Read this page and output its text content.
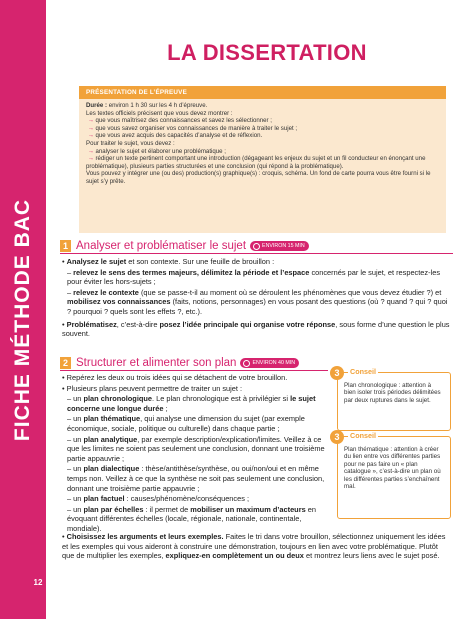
FICHE MÉTHODE BAC
12
LA DISSERTATION
PRÉSENTATION DE L’ÉPREUVE

Durée : environ 1 h 30 sur les 4 h d’épreuve.

Les textes officiels précisent que vous devez montrer :

→ que vous maîtrisez des connaissances et savez les sélectionner ;

→ que vous savez organiser vos connaissances de manière à traiter le sujet ;

→ que vous avez acquis des capacités d’analyse et de réflexion.

Pour traiter le sujet, vous devez :

→ analyser le sujet et élaborer une problématique ;

→ rédiger un texte pertinent comportant une introduction (dégageant les enjeux du sujet et un fil conducteur en énonçant une problématique), plusieurs parties structurées et une conclusion (qui répond à la problématique).

Vous pouvez y intégrer une (ou des) production(s) graphique(s) : croquis, schéma. Un fond de carte pourra vous être fourni si le sujet s’y prête.

1 Analyser et problématiser le sujet	ENVIRON 15 MIN

• Analysez le sujet et son contexte. Sur une feuille de brouillon :

– relevez le sens des termes majeurs, délimitez la période et l’espace concernés par le sujet, et respectez-les pour éviter les hors-sujets ;

– relevez le contexte (que se passe-t-il au moment où se déroulent les phénomènes que vous devez étudier ?) et mobilisez vos connaissances (faits, notions, personnages) en vous posant des questions (où ? quand ? qui ? quoi ? pourquoi ? quels sont les effets ?, etc.).

• Problématisez, c’est-à-dire posez l’idée principale qui organise votre réponse, sous forme d’une question le plus souvent.

2 Structurer et alimenter son plan	ENVIRON 40 MIN

• Repérez les deux ou trois idées qui se détachent de votre brouillon.

• Plusieurs plans peuvent permettre de traiter un sujet :

– un plan chronologique. Le plan chronologique est à privilégier si le sujet concerne une longue durée ;

– un plan thématique, qui analyse une dimension du sujet (par exemple économique, sociale, politique ou culturelle) dans chaque partie ;

– un plan analytique, par exemple description/explication/limites. Veillez à ce que les limites ne soient pas seulement une conclusion, donnant une troisième partie appauvrie ;

– un plan dialectique : thèse/antithèse/synthèse, ou oui/non/oui et en même temps non. Veillez à ce que la synthèse ne soit pas seulement une conclusion, donnant une troisième partie appauvrie ;

– un plan factuel : causes/phénomène/conséquences ;

– un plan par échelles : il permet de mobiliser un maximum d’acteurs en évoquant différentes échelles (locale, régionale, nationale, continentale, mondiale).

• Choisissez les arguments et leurs exemples. Faites le tri dans votre brouillon, sélectionnez uniquement les idées et les exemples qui vous aideront à construire une démonstration, toujours en lien avec votre problématique. Plutôt que de multiplier les exemples, expliquez-en complètement un ou deux et montrez leurs liens avec le sujet posé.

3	Conseil
Plan chronologique : attention à bien isoler trois périodes délimitées par deux ruptures dans le sujet.
3	Conseil
Plan thématique : attention à créer du lien entre vos différentes parties pour ne pas faire un « plan catalogue », c’est-à-dire un plan où les différentes parties s’enchaînent mal.
